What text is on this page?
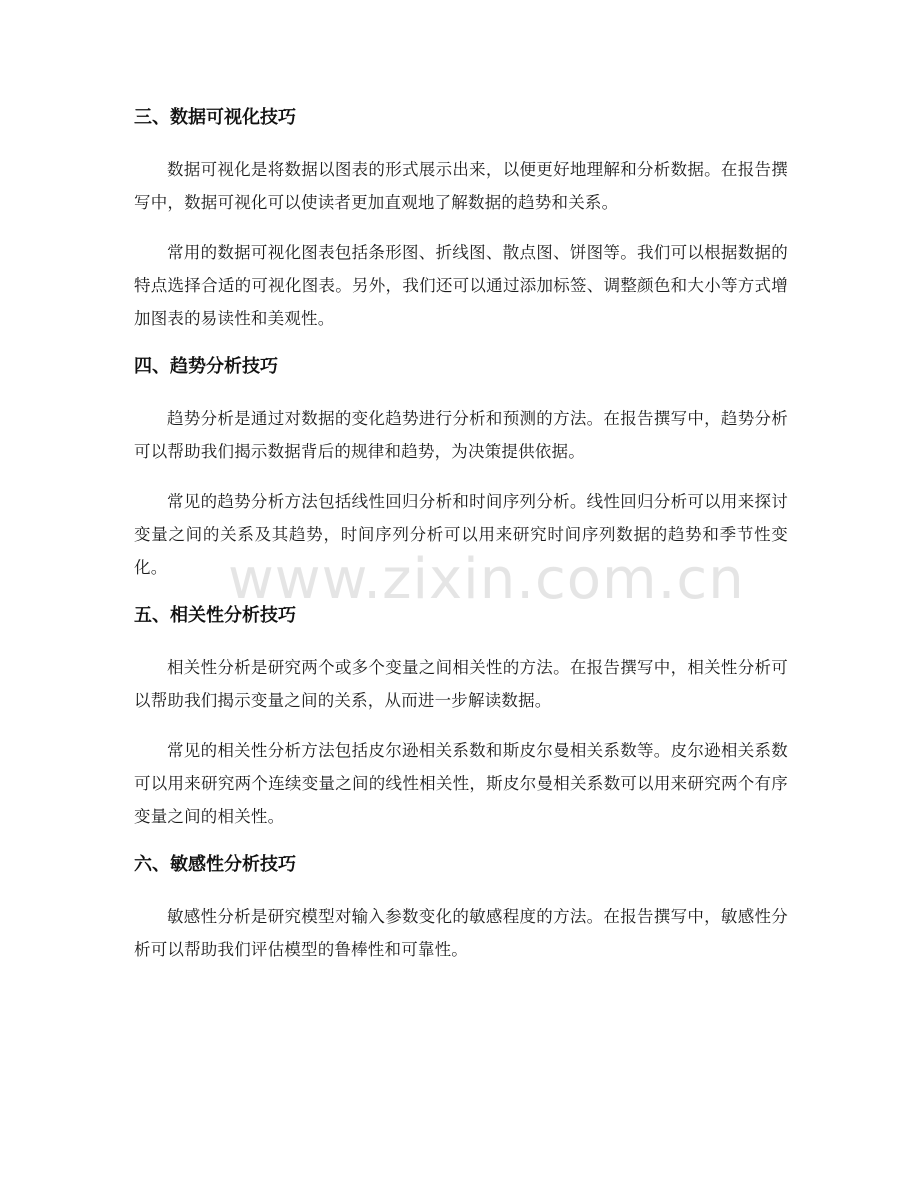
三、数据可视化技巧

数据可视化是将数据以图表的形式展示出来，以便更好地理解和分析数据。在报告撰写中，数据可视化可以使读者更加直观地了解数据的趋势和关系。

常用的数据可视化图表包括条形图、折线图、散点图、饼图等。我们可以根据数据的特点选择合适的可视化图表。另外，我们还可以通过添加标签、调整颜色和大小等方式增加图表的易读性和美观性。

四、趋势分析技巧

趋势分析是通过对数据的变化趋势进行分析和预测的方法。在报告撰写中，趋势分析可以帮助我们揭示数据背后的规律和趋势，为决策提供依据。

常见的趋势分析方法包括线性回归分析和时间序列分析。线性回归分析可以用来探讨变量之间的关系及其趋势，时间序列分析可以用来研究时间序列数据的趋势和季节性变化。

五、相关性分析技巧

相关性分析是研究两个或多个变量之间相关性的方法。在报告撰写中，相关性分析可以帮助我们揭示变量之间的关系，从而进一步解读数据。

常见的相关性分析方法包括皮尔逊相关系数和斯皮尔曼相关系数等。皮尔逊相关系数可以用来研究两个连续变量之间的线性相关性，斯皮尔曼相关系数可以用来研究两个有序变量之间的相关性。

六、敏感性分析技巧

敏感性分析是研究模型对输入参数变化的敏感程度的方法。在报告撰写中，敏感性分析可以帮助我们评估模型的鲁棒性和可靠性。

www.zixin.com.cn
